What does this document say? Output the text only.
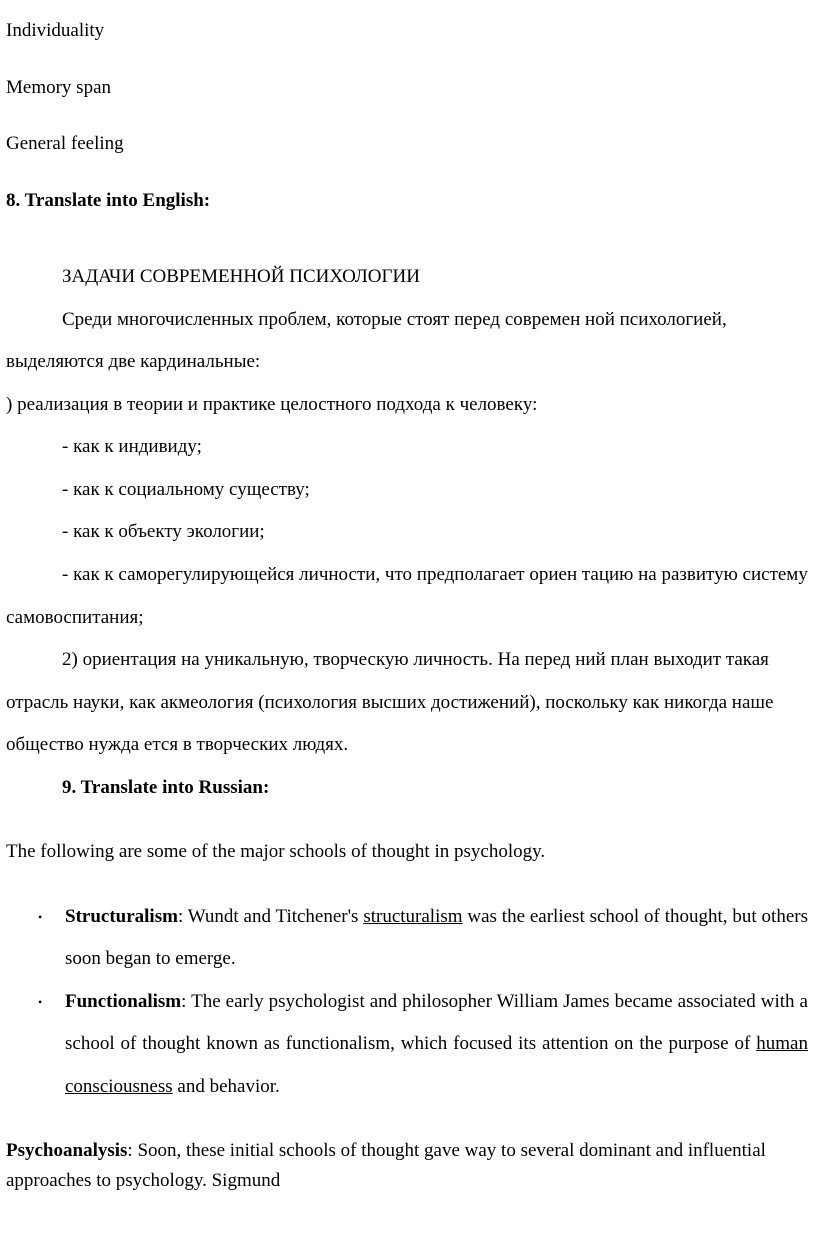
Individuality

Memory span

General feeling

8. Translate into English:

ЗАДАЧИ СОВРЕМЕННОЙ ПСИХОЛОГИИ

Среди многочисленных проблем, которые стоят перед современ ной психологией, выделяются две кардинальные:

) реализация в теории и практике целостного подхода к человеку:

- как к индивиду;

- как к социальному существу;

- как к объекту экологии;

- как к саморегулирующейся личности, что предполагает ориен тацию на развитую систему самовоспитания;

2) ориентация на уникальную, творческую личность. На перед ний план выходит такая отрасль науки, как акмеология (психология высших достижений), поскольку как никогда наше общество нужда ется в творческих людях.

9. Translate into Russian:

The following are some of the major schools of thought in psychology.

• Structuralism: Wundt and Titchener's structuralism was the earliest school of thought, but others soon began to emerge.
• Functionalism: The early psychologist and philosopher William James became associated with a school of thought known as functionalism, which focused its attention on the purpose of human consciousness and behavior.

Psychoanalysis: Soon, these initial schools of thought gave way to several dominant and influential approaches to psychology. Sigmund
